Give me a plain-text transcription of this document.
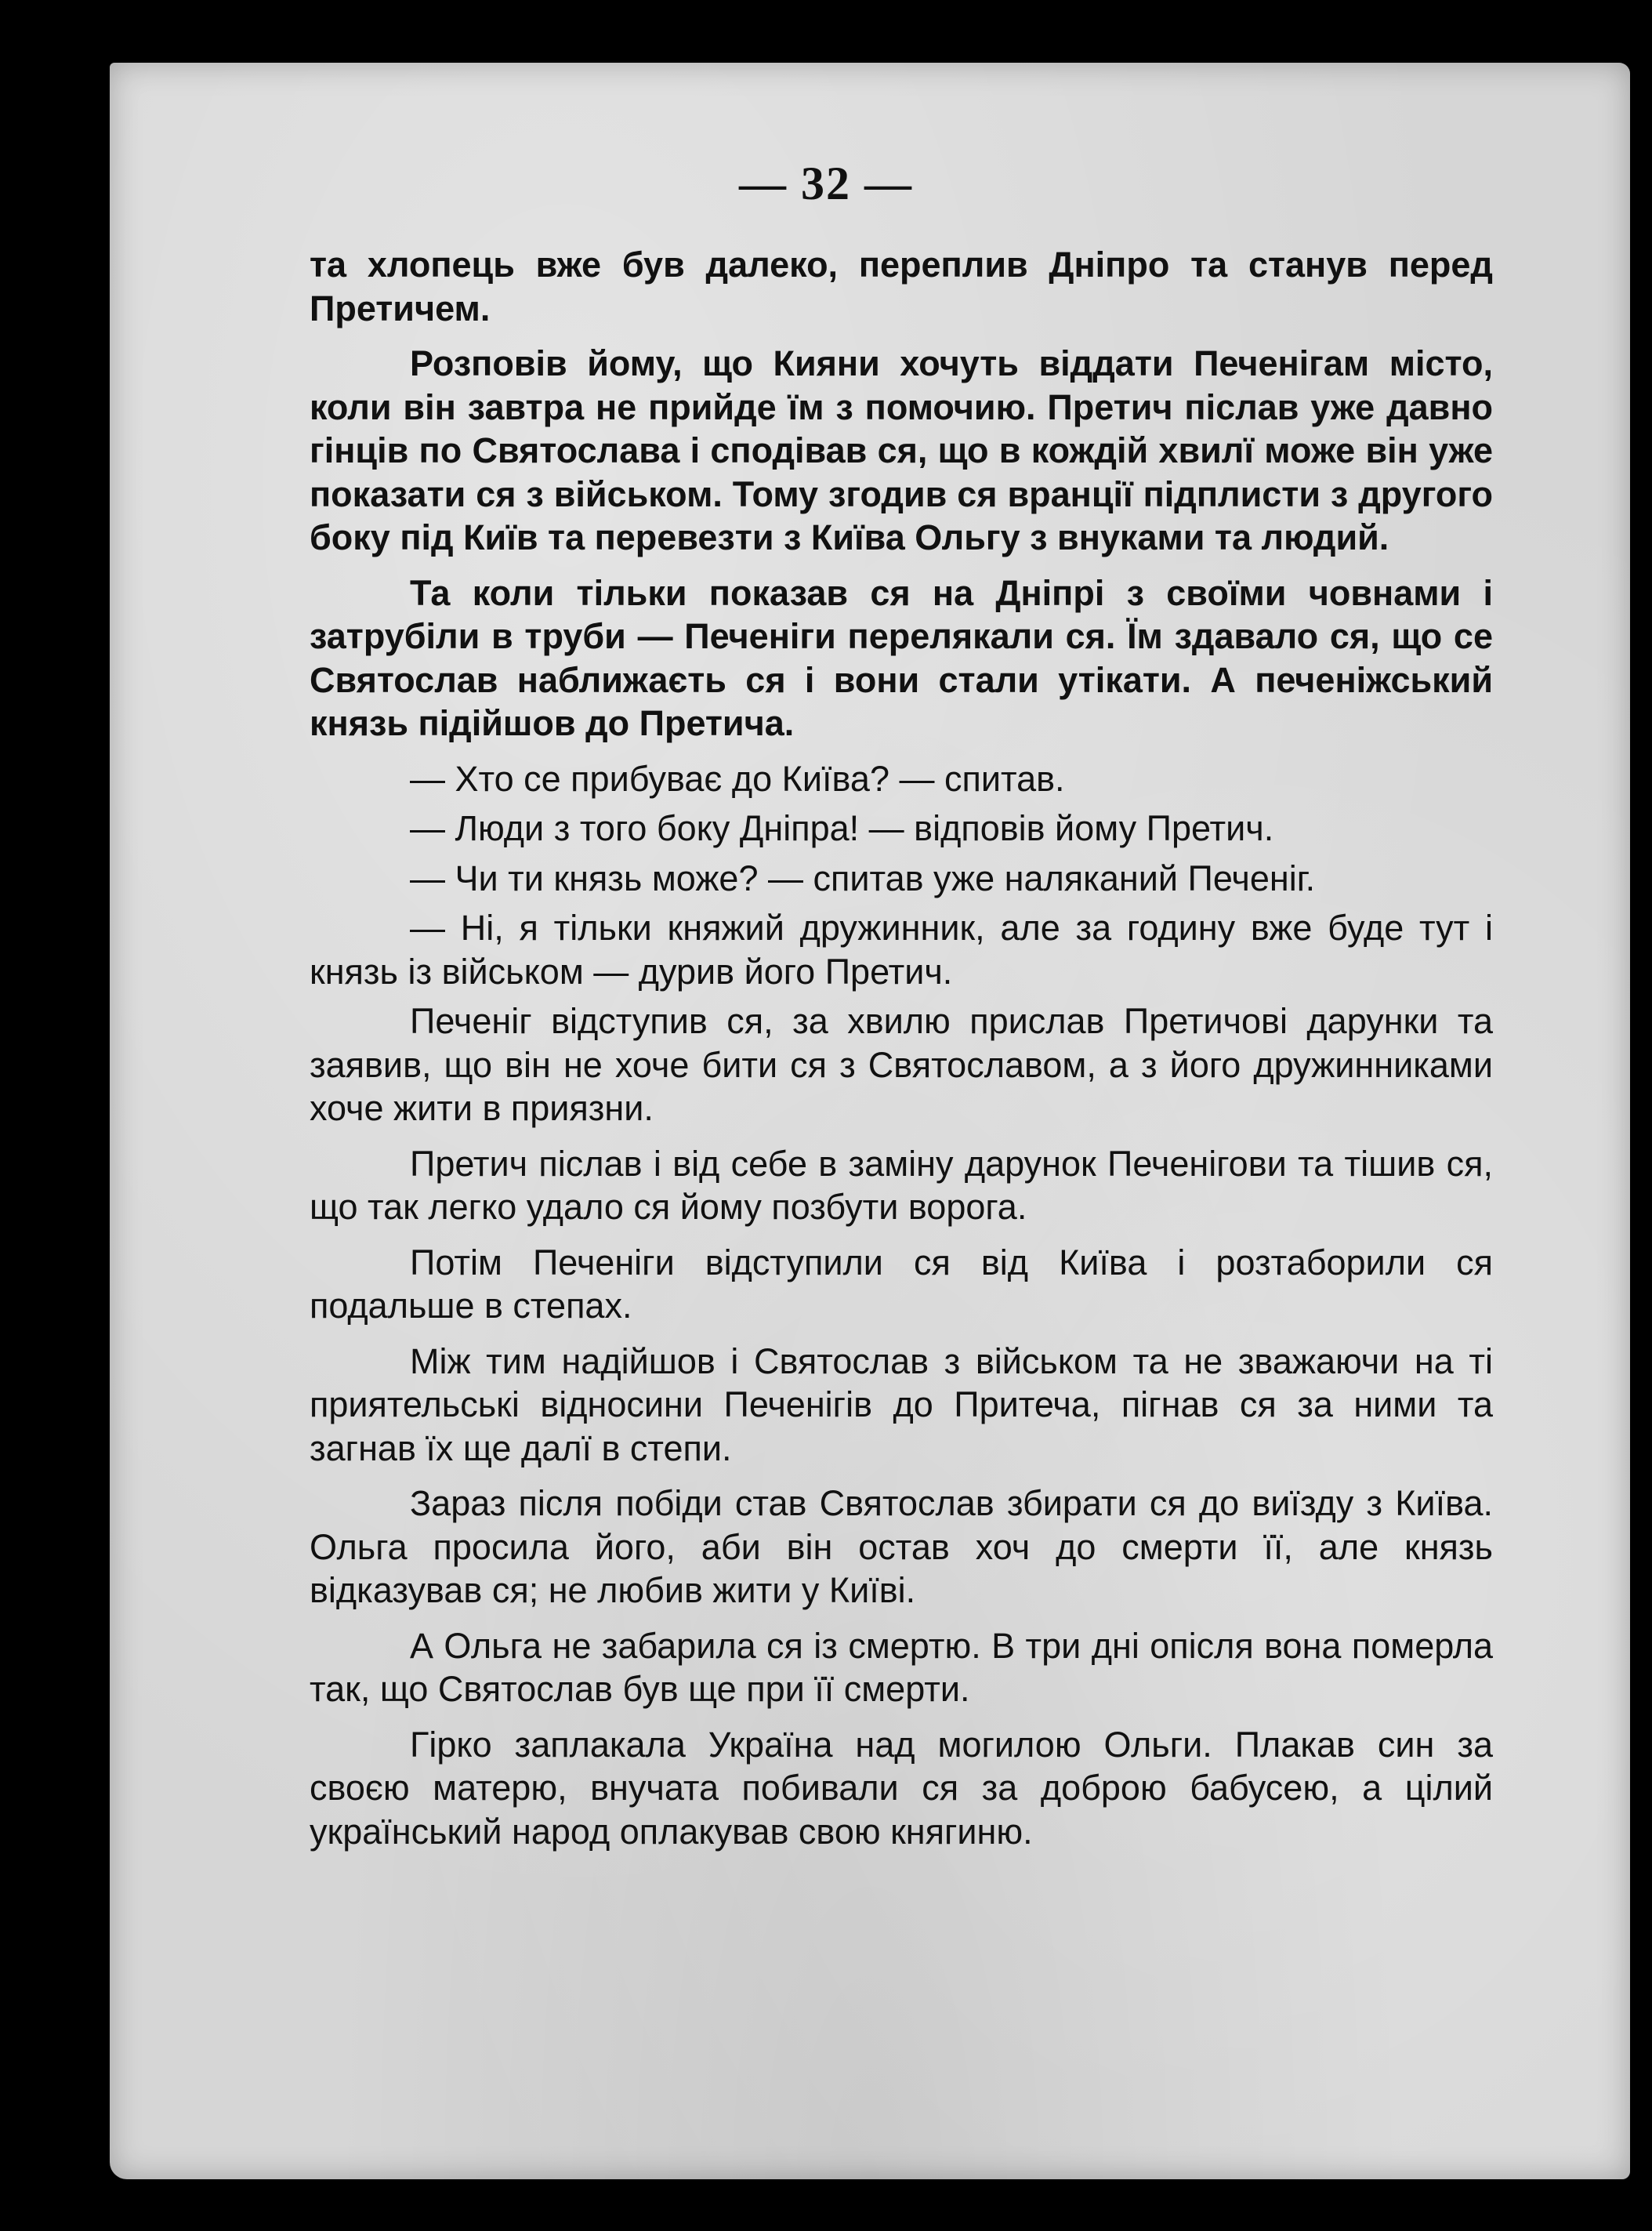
— 32 —

та хлопець вже був далеко, переплив Дніпро та станув перед Претичем.

Розповів йому, що Кияни хочуть віддати Печенігам місто, коли він завтра не прийде їм з помочию. Претич післав уже давно гінців по Святослава і сподівав ся, що в кождій хвилї може він уже показати ся з військом. Тому згодив ся вранції підплисти з другого боку під Київ та перевезти з Київа Ольгу з внуками та людий.

Та коли тільки показав ся на Дніпрі з своїми човнами і затрубіли в труби — Печеніги перелякали ся. Їм здавало ся, що се Святослав наближаєть ся і вони стали утікати. А печеніжський князь підійшов до Претича.

— Хто се прибуває до Київа? — спитав.

— Люди з того боку Дніпра! — відповів йому Претич.

— Чи ти князь може? — спитав уже наляканий Печеніг.

— Ні, я тільки княжий дружинник, але за годину вже буде тут і князь із військом — дурив його Претич.

Печеніг відступив ся, за хвилю прислав Претичові дарунки та заявив, що він не хоче бити ся з Святославом, а з його дружинниками хоче жити в приязни.

Претич післав і від себе в заміну дарунок Печенігови та тішив ся, що так легко удало ся йому позбути ворога.

Потім Печеніги відступили ся від Київа і розтаборили ся подальше в степах.

Між тим надійшов і Святослав з військом та не зважаючи на ті приятельські відносини Печенігів до Притеча, пігнав ся за ними та загнав їх ще далї в степи.

Зараз після побіди став Святослав збирати ся до виїзду з Київа. Ольга просила його, аби він остав хоч до смерти її, але князь відказував ся; не любив жити у Київі.

А Ольга не забарила ся із смертю. В три дні опісля вона померла так, що Святослав був ще при її смерти.

Гірко заплакала Україна над могилою Ольги. Плакав син за своєю матерю, внучата побивали ся за доброю бабусею, а цілий український народ оплакував свою княгиню.
